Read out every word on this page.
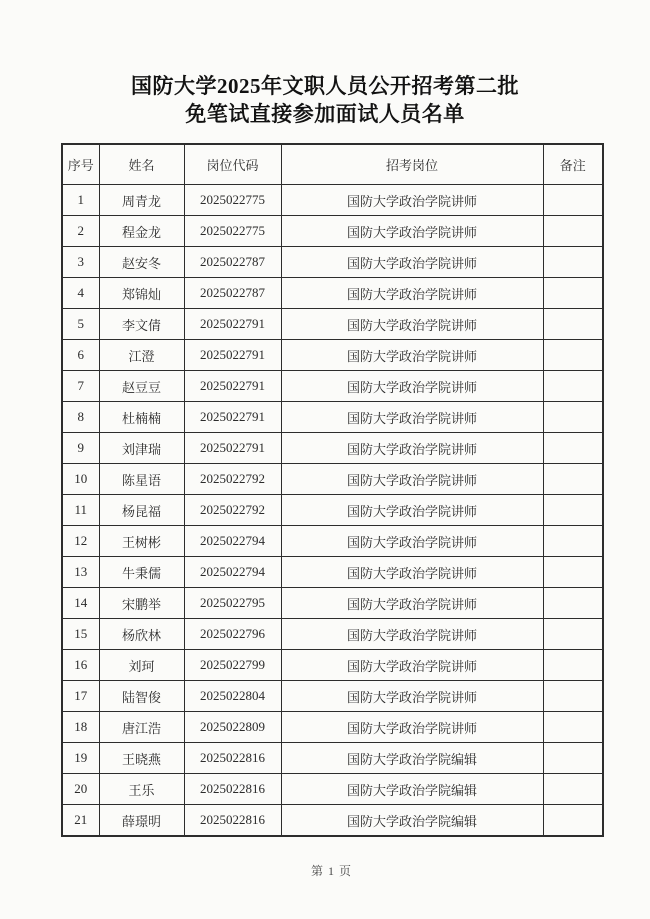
国防大学2025年文职人员公开招考第二批
免笔试直接参加面试人员名单
序号	姓名	岗位代码	招考岗位	备注
1	周青龙	2025022775	国防大学政治学院讲师	
2	程金龙	2025022775	国防大学政治学院讲师	
3	赵安冬	2025022787	国防大学政治学院讲师	
4	郑锦灿	2025022787	国防大学政治学院讲师	
5	李文倩	2025022791	国防大学政治学院讲师	
6	江澄	2025022791	国防大学政治学院讲师	
7	赵豆豆	2025022791	国防大学政治学院讲师	
8	杜楠楠	2025022791	国防大学政治学院讲师	
9	刘津瑞	2025022791	国防大学政治学院讲师	
10	陈星语	2025022792	国防大学政治学院讲师	
11	杨昆福	2025022792	国防大学政治学院讲师	
12	王树彬	2025022794	国防大学政治学院讲师	
13	牛秉儒	2025022794	国防大学政治学院讲师	
14	宋鹏举	2025022795	国防大学政治学院讲师	
15	杨欣林	2025022796	国防大学政治学院讲师	
16	刘珂	2025022799	国防大学政治学院讲师	
17	陆智俊	2025022804	国防大学政治学院讲师	
18	唐江浩	2025022809	国防大学政治学院讲师	
19	王晓燕	2025022816	国防大学政治学院编辑	
20	王乐	2025022816	国防大学政治学院编辑	
21	薛璟明	2025022816	国防大学政治学院编辑	
第 1 页
